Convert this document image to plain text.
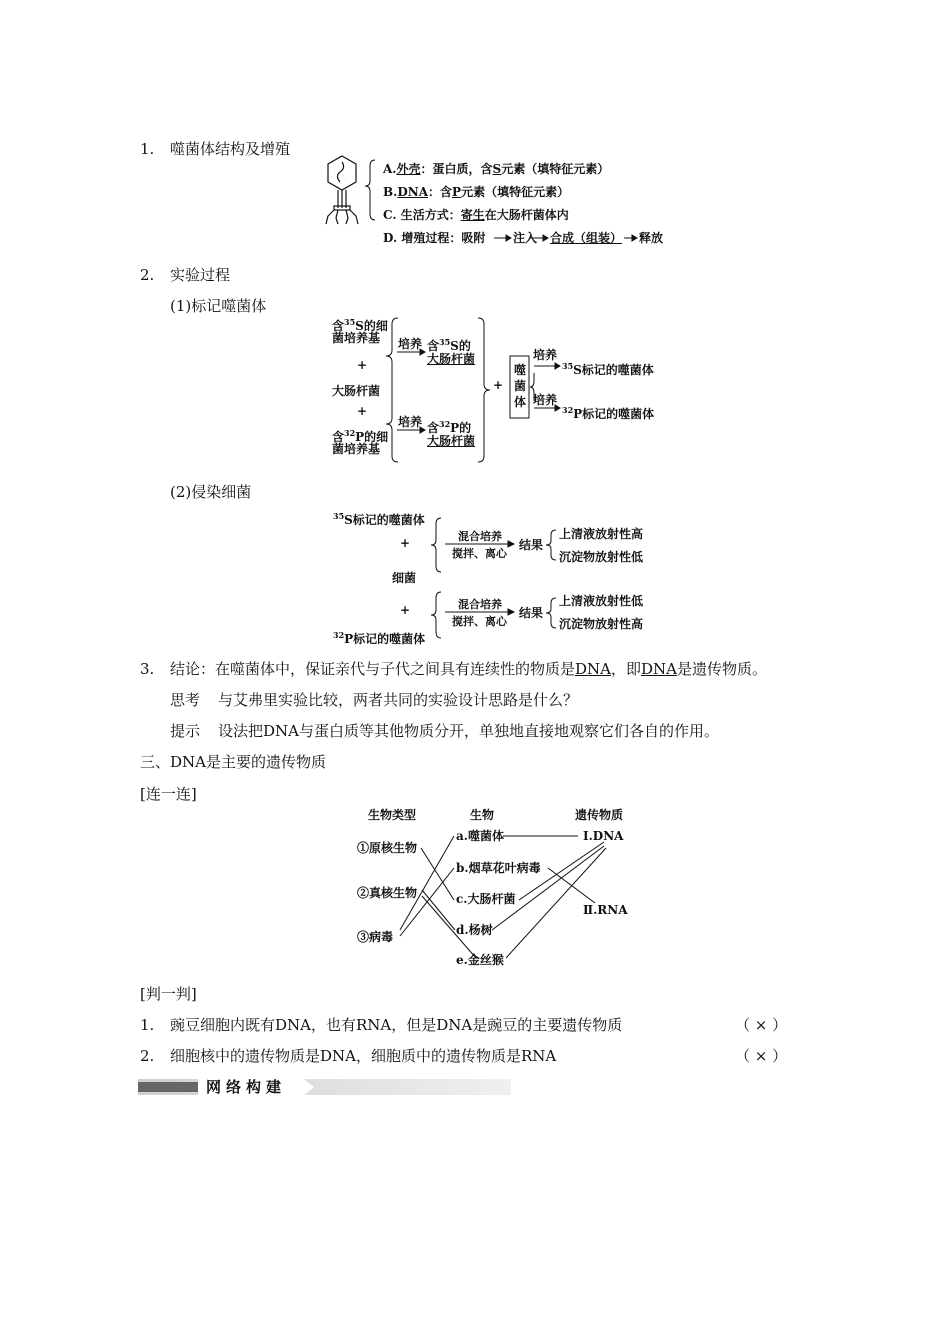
1. 噬菌体结构及增殖
A.外壳：蛋白质，含S元素（填特征元素）
B.DNA：含P元素（填特征元素）
C. 生活方式：寄生在大肠杆菌体内
D. 增殖过程：吸附 注入 合成（组装） 释放
2. 实验过程
(1)标记噬菌体
含$^{35}$S的细
菌培养基
+
大肠杆菌
+
含$^{32}$P的细
菌培养基
培养
培养
含$^{35}$S的
大肠杆菌
含$^{32}$P的
大肠杆菌
+
噬
菌
体
培养
培养
$^{35}$S标记的噬菌体
$^{32}$P标记的噬菌体
(2)侵染细菌
$^{35}$S标记的噬菌体
+
细菌
+
$^{32}$P标记的噬菌体
混合培养
搅拌、离心
混合培养
搅拌、离心
结果
结果
上清液放射性高
沉淀物放射性低
上清液放射性低
沉淀物放射性高
3. 结论：在噬菌体中，保证亲代与子代之间具有连续性的物质是DNA，即DNA是遗传物质。
思考 与艾弗里实验比较，两者共同的实验设计思路是什么？
提示 设法把DNA与蛋白质等其他物质分开，单独地直接地观察它们各自的作用。
三、DNA是主要的遗传物质
[连一连]
生物类型	生物	遗传物质
①原核生物
②真核生物
③病毒
a.噬菌体
b.烟草花叶病毒
c.大肠杆菌
d.杨树
e.金丝猴
Ⅰ.DNA
Ⅱ.RNA
[判一判]
1. 豌豆细胞内既有DNA，也有RNA，但是DNA是豌豆的主要遗传物质	（ × ）
2. 细胞核中的遗传物质是DNA，细胞质中的遗传物质是RNA	（ × ）
网络构建
